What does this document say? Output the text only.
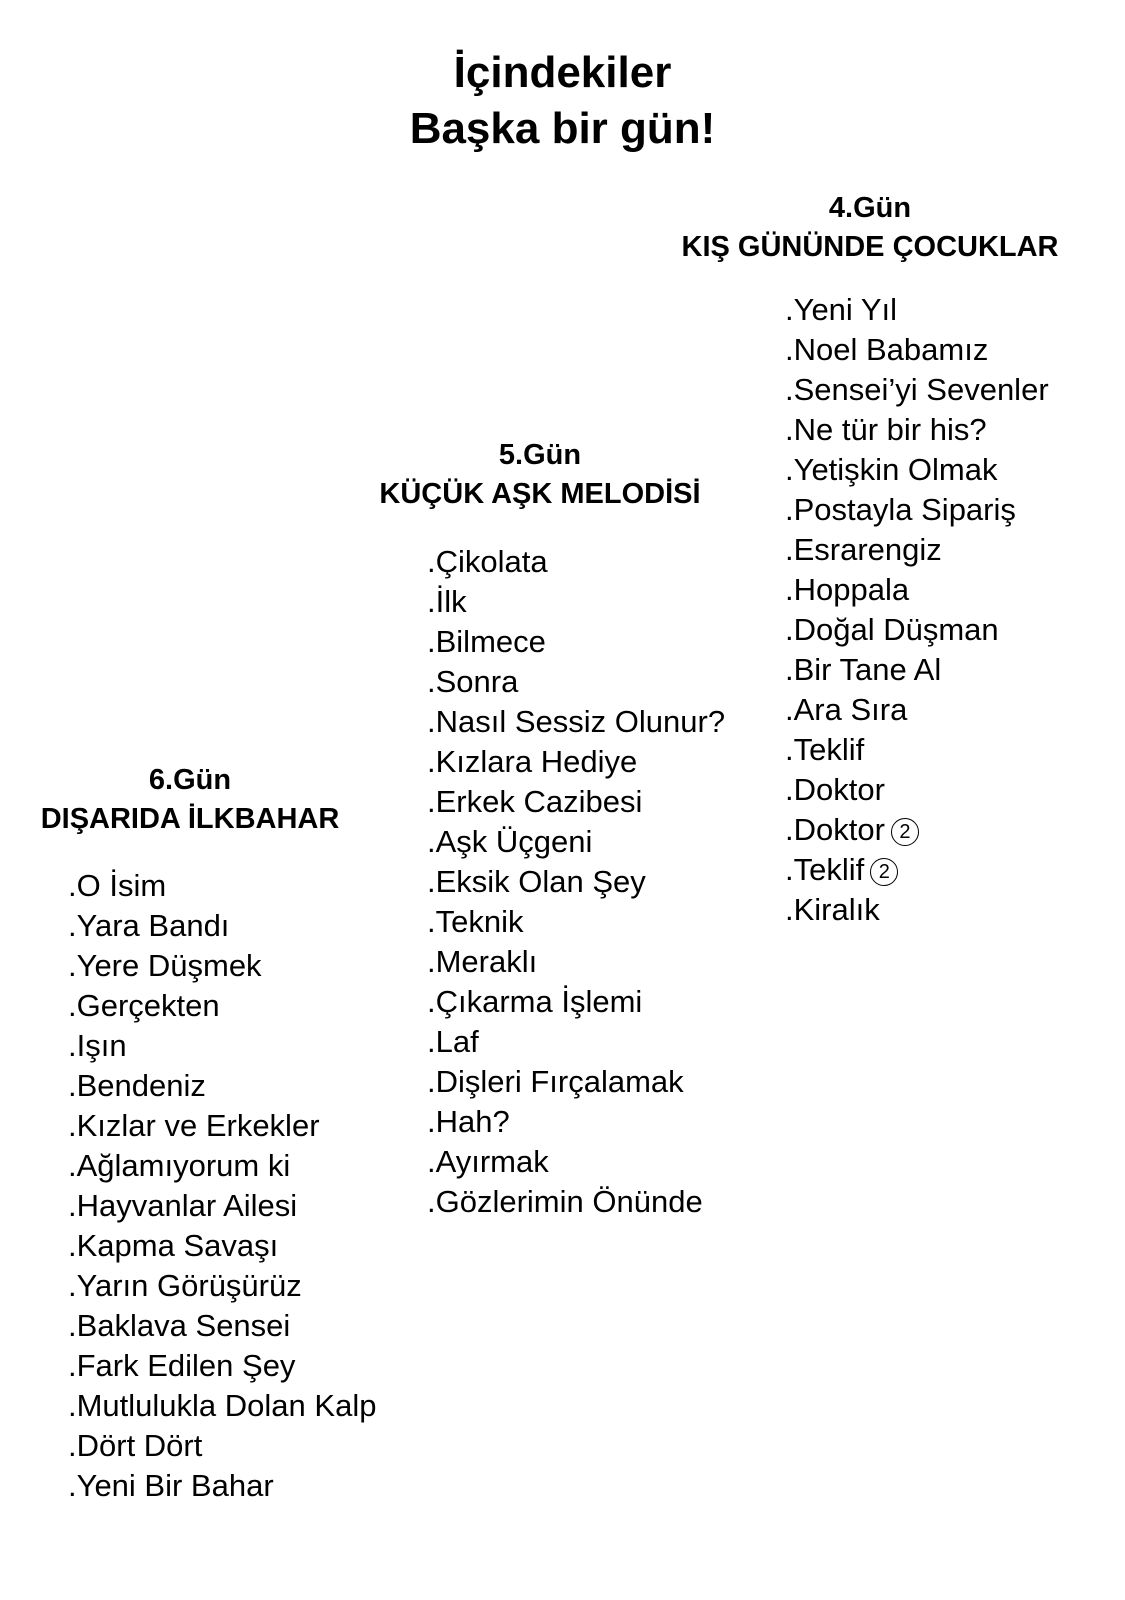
İçindekiler
Başka bir gün!
4.Gün
KIŞ GÜNÜNDE ÇOCUKLAR
.Yeni Yıl
.Noel Babamız
.Sensei’yi Sevenler
.Ne tür bir his?
.Yetişkin Olmak
.Postayla Sipariş
.Esrarengiz
.Hoppala
.Doğal Düşman
.Bir Tane Al
.Ara Sıra
.Teklif
.Doktor
.Doktor 2
.Teklif 2
.Kiralık
5.Gün
KÜÇÜK AŞK MELODİSİ
.Çikolata
.İlk
.Bilmece
.Sonra
.Nasıl Sessiz Olunur?
.Kızlara Hediye
.Erkek Cazibesi
.Aşk Üçgeni
.Eksik Olan Şey
.Teknik
.Meraklı
.Çıkarma İşlemi
.Laf
.Dişleri Fırçalamak
.Hah?
.Ayırmak
.Gözlerimin Önünde
6.Gün
DIŞARIDA İLKBAHAR
.O İsim
.Yara Bandı
.Yere Düşmek
.Gerçekten
.Işın
.Bendeniz
.Kızlar ve Erkekler
.Ağlamıyorum ki
.Hayvanlar Ailesi
.Kapma Savaşı
.Yarın Görüşürüz
.Baklava Sensei
.Fark Edilen Şey
.Mutlulukla Dolan Kalp
.Dört Dört
.Yeni Bir Bahar
